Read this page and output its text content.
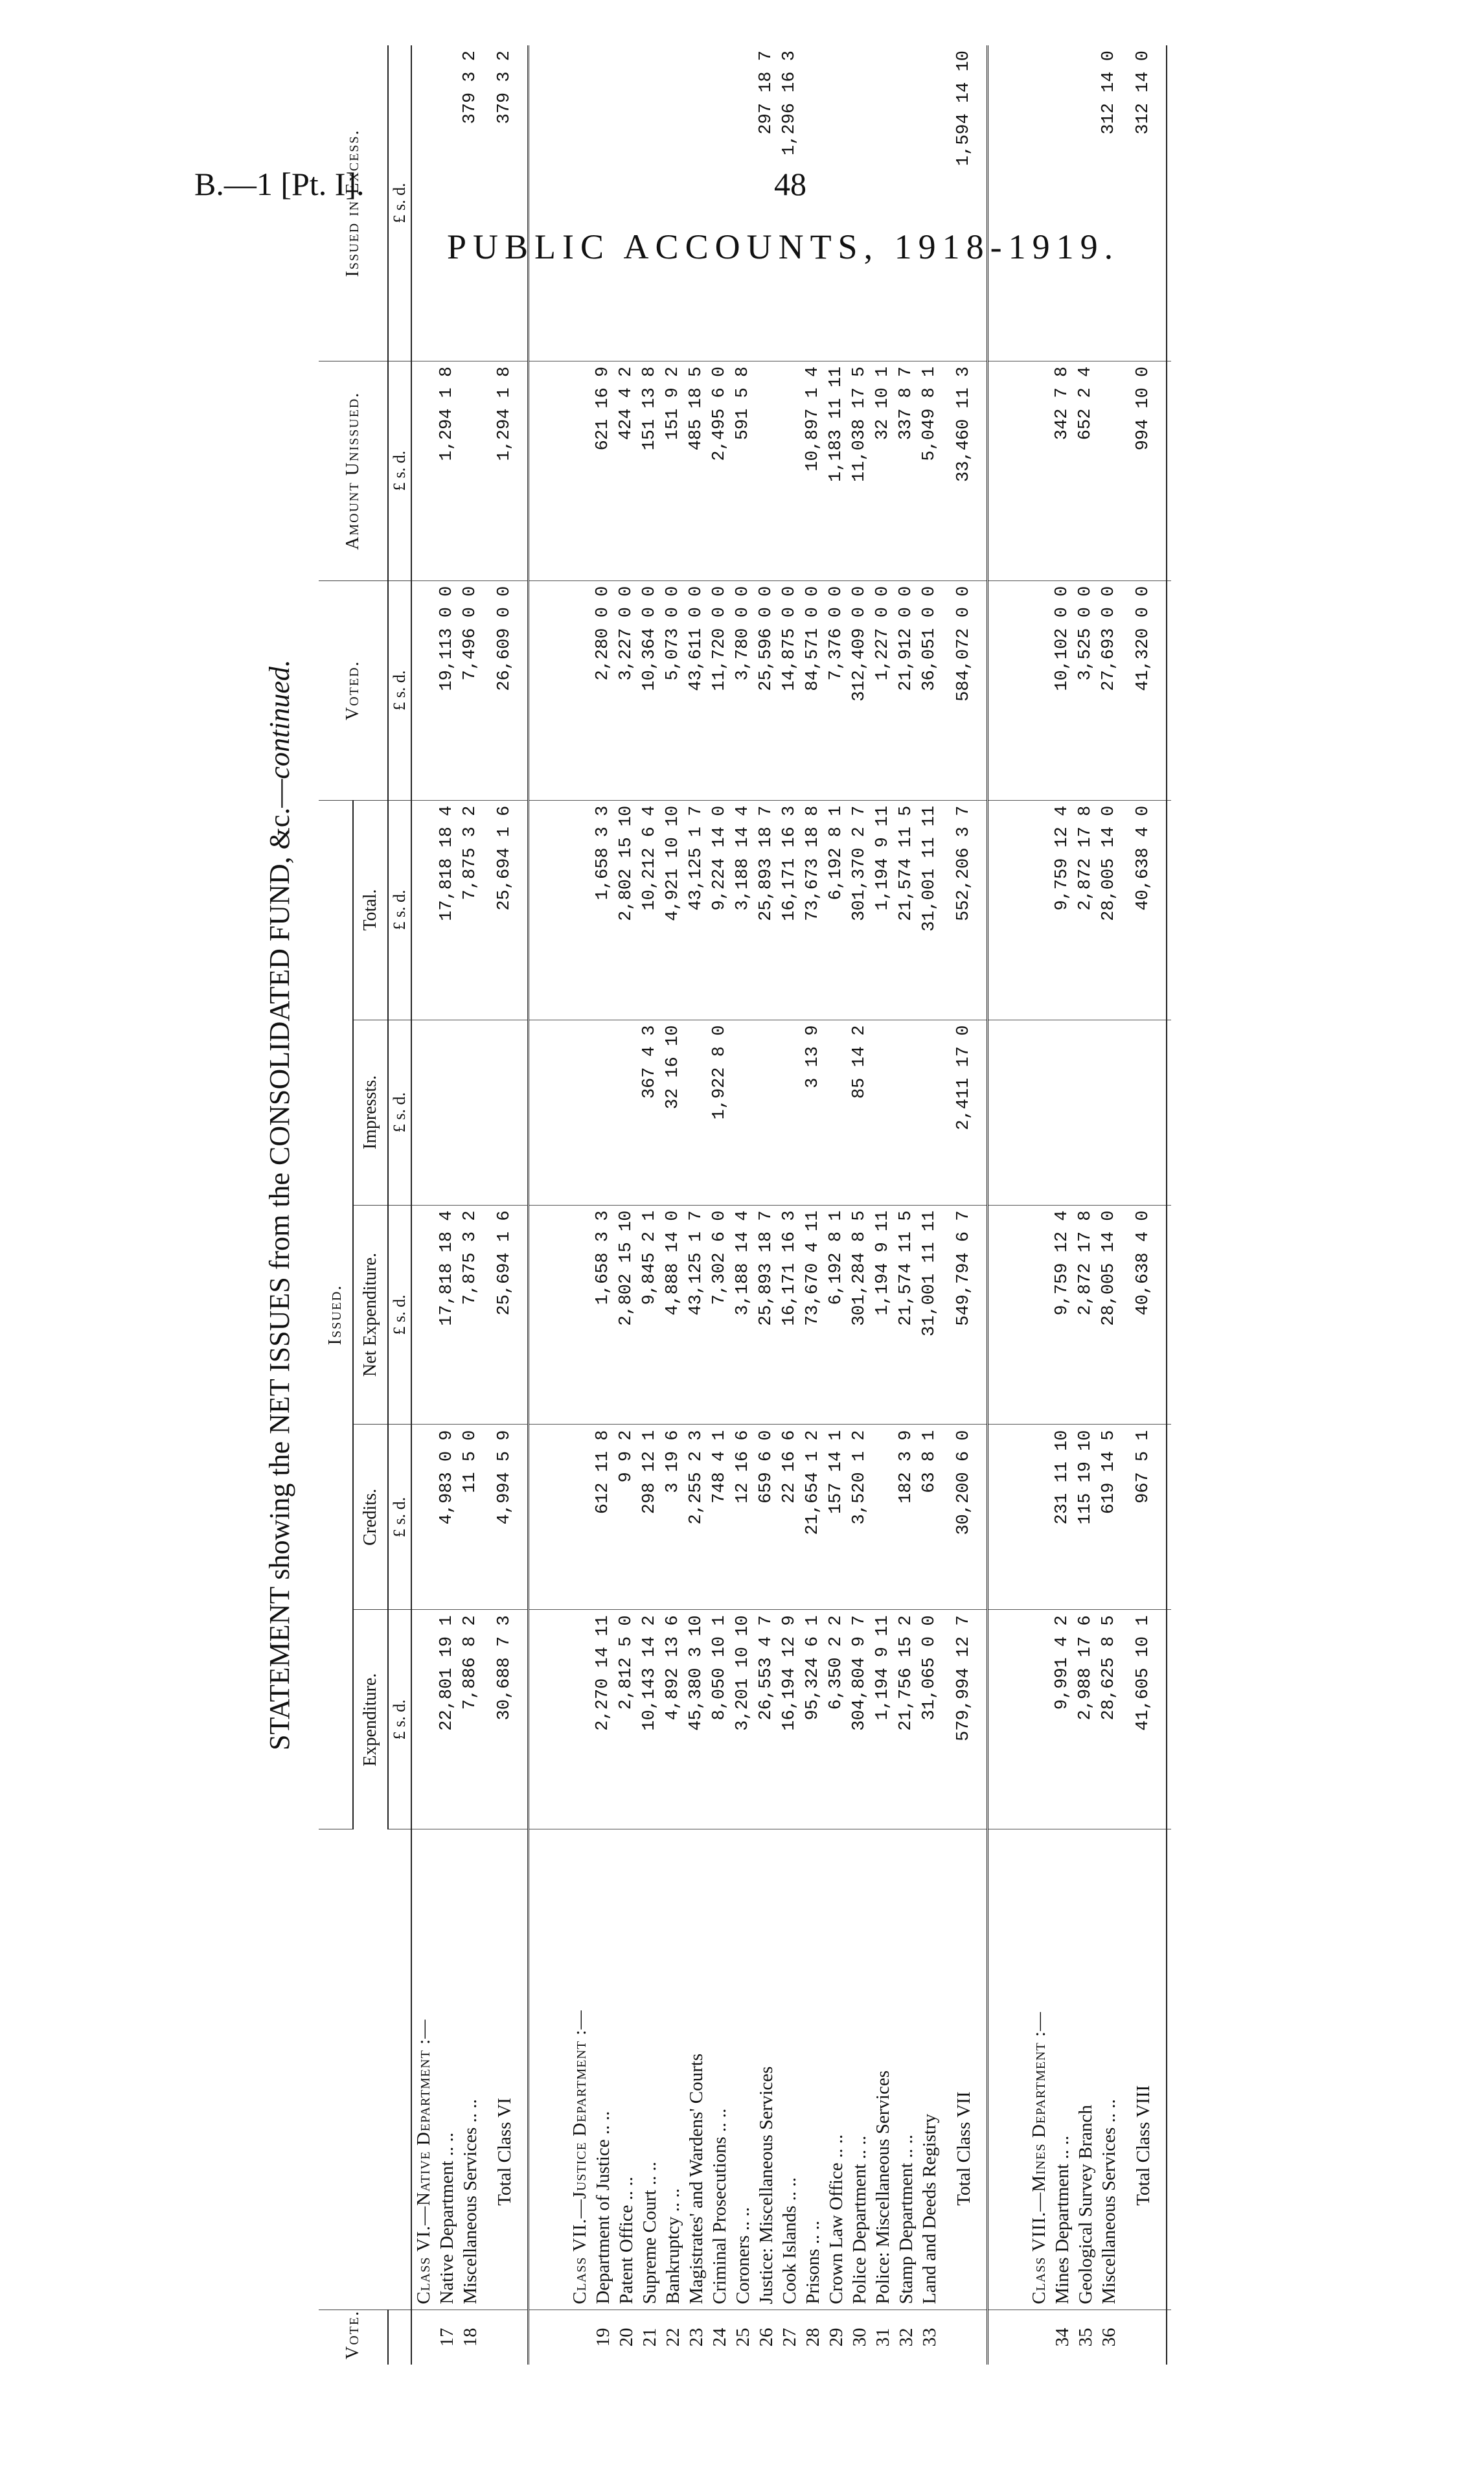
B.—1 [Pt. I].	48
PUBLIC ACCOUNTS, 1918-1919.
STATEMENT showing the NET ISSUES from the CONSOLIDATED FUND, &c.—continued.
Vote.		Issued.					Voted.	Amount Unissued.	Issued in Excess.
		Expenditure.	Credits.	Net Expenditure.	Impressts.	Total.			
		£ s. d.	£ s. d.	£ s. d.	£ s. d.	£ s. d.	£ s. d.	£ s. d.	£ s. d.
	Class VI.—Native Department :—								
17	Native Department .. ..	22,801 19 1	4,983 0 9	17,818 18 4		17,818 18 4	19,113 0 0	1,294 1 8	
18	Miscellaneous Services .. ..	7,886 8 2	11 5 0	7,875 3 2		7,875 3 2	7,496 0 0		379 3 2
	Total Class VI	30,688 7 3	4,994 5 9	25,694 1 6		25,694 1 6	26,609 0 0	1,294 1 8	379 3 2

	Class VII.—Justice Department :—								
19	Department of Justice .. ..	2,270 14 11	612 11 8	1,658 3 3		1,658 3 3	2,280 0 0	621 16 9	
20	Patent Office .. ..	2,812 5 0	9 9 2	2,802 15 10		2,802 15 10	3,227 0 0	424 4 2	
21	Supreme Court .. ..	10,143 14 2	298 12 1	9,845 2 1	367 4 3	10,212 6 4	10,364 0 0	151 13 8	
22	Bankruptcy .. ..	4,892 13 6	3 19 6	4,888 14 0	32 16 10	4,921 10 10	5,073 0 0	151 9 2	
23	Magistrates' and Wardens' Courts	45,380 3 10	2,255 2 3	43,125 1 7		43,125 1 7	43,611 0 0	485 18 5	
24	Criminal Prosecutions .. ..	8,050 10 1	748 4 1	7,302 6 0	1,922 8 0	9,224 14 0	11,720 0 0	2,495 6 0	
25	Coroners .. ..	3,201 10 10	12 16 6	3,188 14 4		3,188 14 4	3,780 0 0	591 5 8	
26	Justice: Miscellaneous Services	26,553 4 7	659 6 0	25,893 18 7		25,893 18 7	25,596 0 0		297 18 7
27	Cook Islands .. ..	16,194 12 9	22 16 6	16,171 16 3		16,171 16 3	14,875 0 0		1,296 16 3
28	Prisons .. ..	95,324 6 1	21,654 1 2	73,670 4 11	3 13 9	73,673 18 8	84,571 0 0	10,897 1 4	
29	Crown Law Office .. ..	6,350 2 2	157 14 1	6,192 8 1		6,192 8 1	7,376 0 0	1,183 11 11	
30	Police Department .. ..	304,804 9 7	3,520 1 2	301,284 8 5	85 14 2	301,370 2 7	312,409 0 0	11,038 17 5	
31	Police: Miscellaneous Services	1,194 9 11		1,194 9 11		1,194 9 11	1,227 0 0	32 10 1	
32	Stamp Department .. ..	21,756 15 2	182 3 9	21,574 11 5		21,574 11 5	21,912 0 0	337 8 7	
33	Land and Deeds Registry	31,065 0 0	63 8 1	31,001 11 11		31,001 11 11	36,051 0 0	5,049 8 1	
	Total Class VII	579,994 12 7	30,200 6 0	549,794 6 7	2,411 17 0	552,206 3 7	584,072 0 0	33,460 11 3	1,594 14 10

	Class VIII.—Mines Department :—								
34	Mines Department .. ..	9,991 4 2	231 11 10	9,759 12 4		9,759 12 4	10,102 0 0	342 7 8	
35	Geological Survey Branch	2,988 17 6	115 19 10	2,872 17 8		2,872 17 8	3,525 0 0	652 2 4	
36	Miscellaneous Services .. ..	28,625 8 5	619 14 5	28,005 14 0		28,005 14 0	27,693 0 0		312 14 0
	Total Class VIII	41,605 10 1	967 5 1	40,638 4 0		40,638 4 0	41,320 0 0	994 10 0	312 14 0
